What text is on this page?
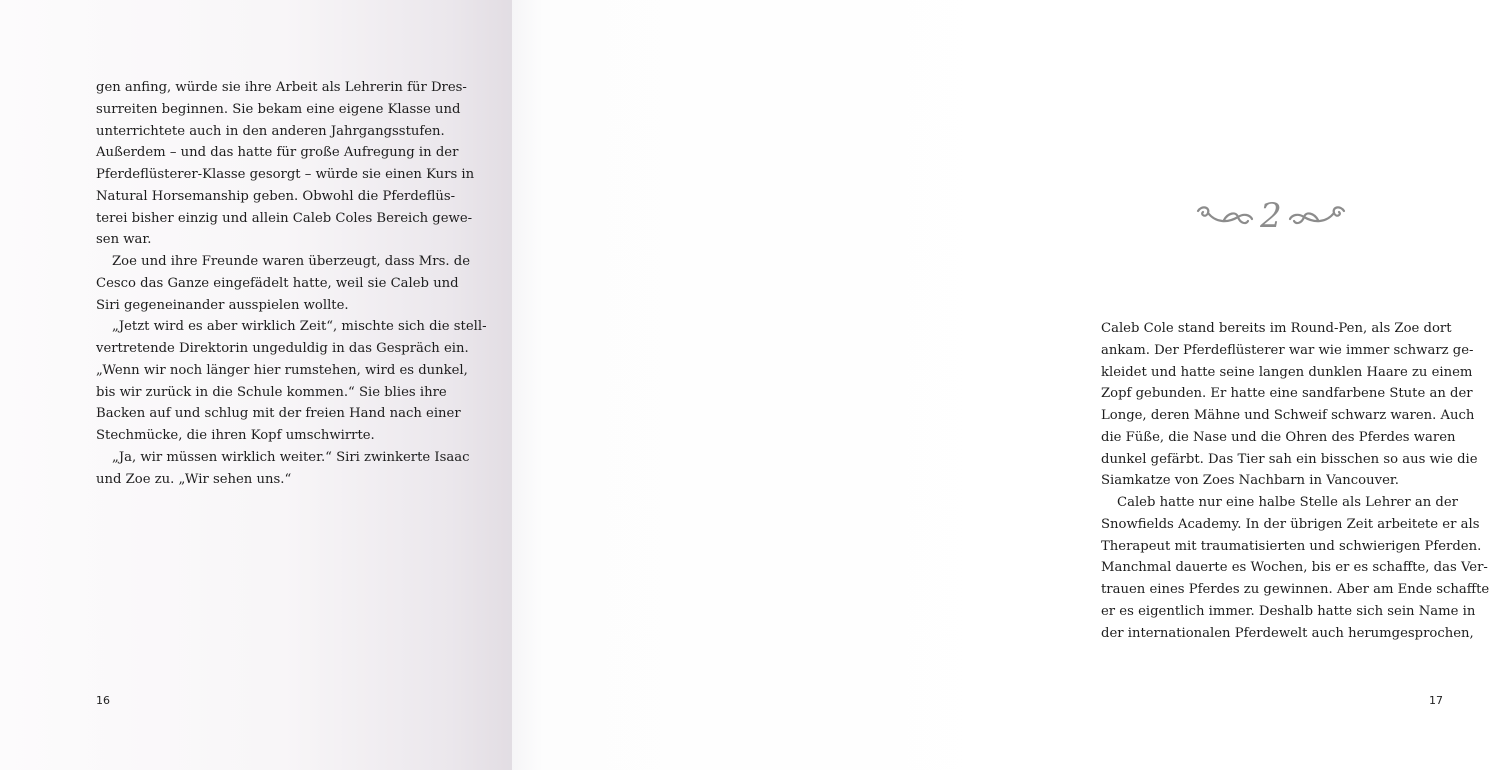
gen anfing, würde sie ihre Arbeit als Lehrerin für Dres-
surreiten beginnen. Sie bekam eine eigene Klasse und
unterrichtete auch in den anderen Jahrgangsstufen.
Außerdem – und das hatte für große Aufregung in der
Pferdeflüsterer-Klasse gesorgt – würde sie einen Kurs in
Natural Horsemanship geben. Obwohl die Pferdeflüs-
terei bisher einzig und allein Caleb Coles Bereich gewe-
sen war.
Zoe und ihre Freunde waren überzeugt, dass Mrs. de
Cesco das Ganze eingefädelt hatte, weil sie Caleb und
Siri gegeneinander ausspielen wollte.
„Jetzt wird es aber wirklich Zeit“, mischte sich die stell-
vertretende Direktorin ungeduldig in das Gespräch ein.
„Wenn wir noch länger hier rumstehen, wird es dunkel,
bis wir zurück in die Schule kommen.“ Sie blies ihre
Backen auf und schlug mit der freien Hand nach einer
Stechmücke, die ihren Kopf umschwirrte.
„Ja, wir müssen wirklich weiter.“ Siri zwinkerte Isaac
und Zoe zu. „Wir sehen uns.“
16
2
Caleb Cole stand bereits im Round-Pen, als Zoe dort
ankam. Der Pferdeflüsterer war wie immer schwarz ge-
kleidet und hatte seine langen dunklen Haare zu einem
Zopf gebunden. Er hatte eine sandfarbene Stute an der
Longe, deren Mähne und Schweif schwarz waren. Auch
die Füße, die Nase und die Ohren des Pferdes waren
dunkel gefärbt. Das Tier sah ein bisschen so aus wie die
Siamkatze von Zoes Nachbarn in Vancouver.
Caleb hatte nur eine halbe Stelle als Lehrer an der
Snowfields Academy. In der übrigen Zeit arbeitete er als
Therapeut mit traumatisierten und schwierigen Pferden.
Manchmal dauerte es Wochen, bis er es schaffte, das Ver-
trauen eines Pferdes zu gewinnen. Aber am Ende schaffte
er es eigentlich immer. Deshalb hatte sich sein Name in
der internationalen Pferdewelt auch herumgesprochen,
17
